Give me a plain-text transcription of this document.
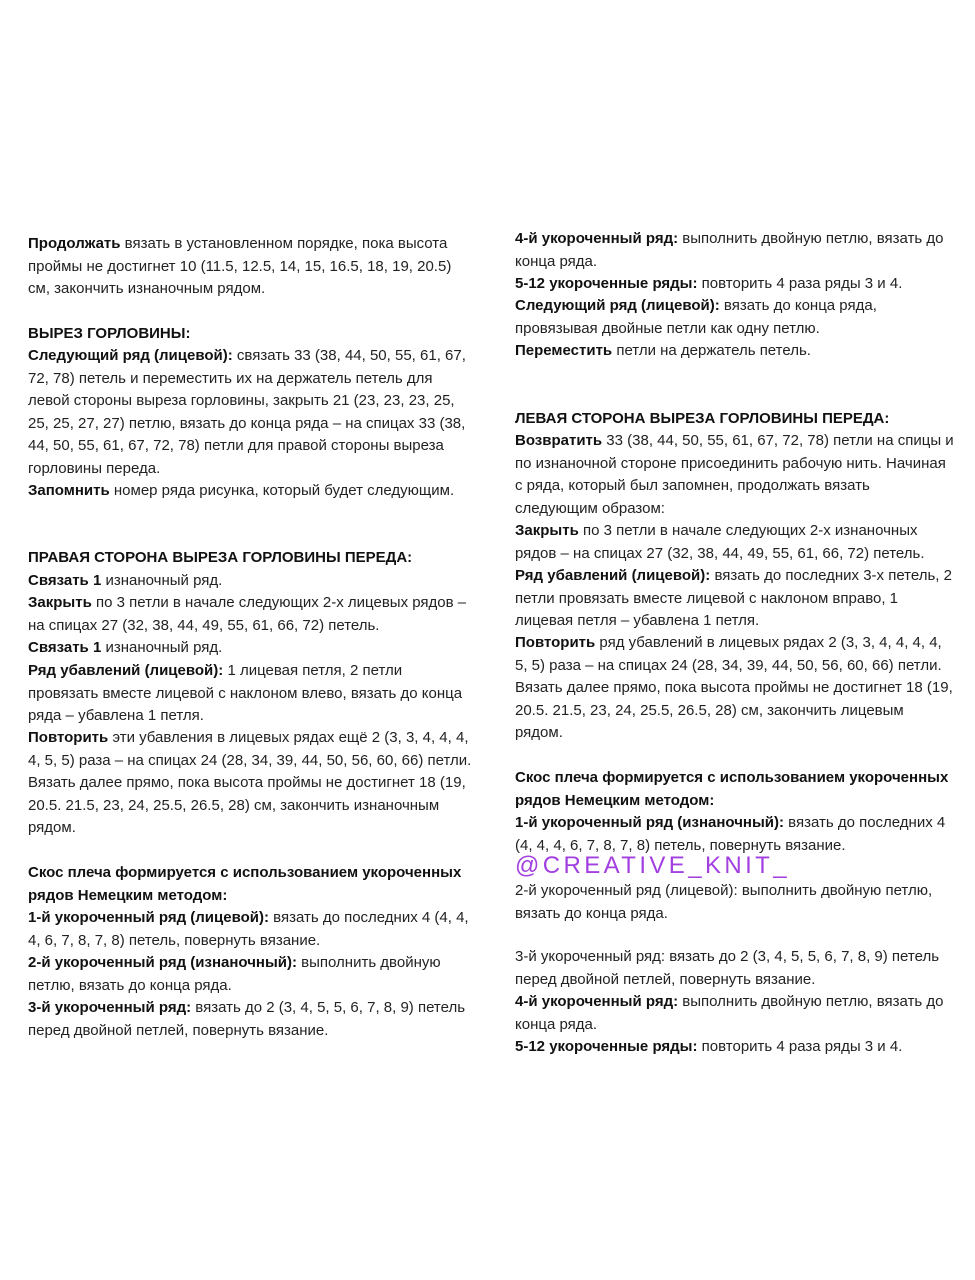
Продолжать вязать в установленном порядке, пока высота проймы не достигнет 10 (11.5, 12.5, 14, 15, 16.5, 18, 19, 20.5) см, закончить изнаночным рядом.

ВЫРЕЗ ГОРЛОВИНЫ:

Следующий ряд (лицевой): связать 33 (38, 44, 50, 55, 61, 67, 72, 78) петель и переместить их на держатель петель для левой стороны выреза горловины, закрыть 21 (23, 23, 23, 25, 25, 25, 27, 27) петлю, вязать до конца ряда – на спицах 33 (38, 44, 50, 55, 61, 67, 72, 78) петли для правой стороны выреза горловины переда.

Запомнить номер ряда рисунка, который будет следующим.

ПРАВАЯ СТОРОНА ВЫРЕЗА ГОРЛОВИНЫ ПЕРЕДА:

Связать 1 изнаночный ряд.

Закрыть по 3 петли в начале следующих 2-х лицевых рядов – на спицах 27 (32, 38, 44, 49, 55, 61, 66, 72) петель.

Связать 1 изнаночный ряд.

Ряд убавлений (лицевой): 1 лицевая петля, 2 петли провязать вместе лицевой с наклоном влево, вязать до конца ряда – убавлена 1 петля.

Повторить эти убавления в лицевых рядах ещё 2 (3, 3, 4, 4, 4, 4, 5, 5) раза – на спицах 24 (28, 34, 39, 44, 50, 56, 60, 66) петли. Вязать далее прямо, пока высота проймы не достигнет 18 (19, 20.5. 21.5, 23, 24, 25.5, 26.5, 28) см, закончить изнаночным рядом.

Скос плеча формируется с использованием укороченных рядов Немецким методом:

1-й укороченный ряд (лицевой): вязать до последних 4 (4, 4, 4, 6, 7, 8, 7, 8) петель, повернуть вязание.

2-й укороченный ряд (изнаночный): выполнить двойную петлю, вязать до конца ряда.

3-й укороченный ряд: вязать до 2 (3, 4, 5, 5, 6, 7, 8, 9) петель перед двойной петлей, повернуть вязание.

4-й укороченный ряд: выполнить двойную петлю, вязать до конца ряда.

5-12 укороченные ряды: повторить 4 раза ряды 3 и 4.

Следующий ряд (лицевой): вязать до конца ряда, провязывая двойные петли как одну петлю.

Переместить петли на держатель петель.

ЛЕВАЯ СТОРОНА ВЫРЕЗА ГОРЛОВИНЫ ПЕРЕДА:

Возвратить 33 (38, 44, 50, 55, 61, 67, 72, 78) петли на спицы и по изнаночной стороне присоединить рабочую нить. Начиная с ряда, который был запомнен, продолжать вязать следующим образом:

Закрыть по 3 петли в начале следующих 2-х изнаночных рядов – на спицах 27 (32, 38, 44, 49, 55, 61, 66, 72) петель.

Ряд убавлений (лицевой): вязать до последних 3-х петель, 2 петли провязать вместе лицевой с наклоном вправо, 1 лицевая петля – убавлена 1 петля.

Повторить ряд убавлений в лицевых рядах 2 (3, 3, 4, 4, 4, 4, 5, 5) раза – на спицах 24 (28, 34, 39, 44, 50, 56, 60, 66) петли. Вязать далее прямо, пока высота проймы не достигнет 18 (19, 20.5. 21.5, 23, 24, 25.5, 26.5, 28) см, закончить лицевым рядом.

Скос плеча формируется с использованием укороченных рядов Немецким методом:

1-й укороченный ряд (изнаночный): вязать до последних 4 (4, 4, 4, 6, 7, 8, 7, 8) петель, повернуть вязание.

2-й укороченный ряд (лицевой): выполнить двойную петлю, вязать до конца ряда.

3-й укороченный ряд: вязать до 2 (3, 4, 5, 5, 6, 7, 8, 9) петель перед двойной петлей, повернуть вязание.

4-й укороченный ряд: выполнить двойную петлю, вязать до конца ряда.

5-12 укороченные ряды: повторить 4 раза ряды 3 и 4.

@CREATIVE_KNIT_
